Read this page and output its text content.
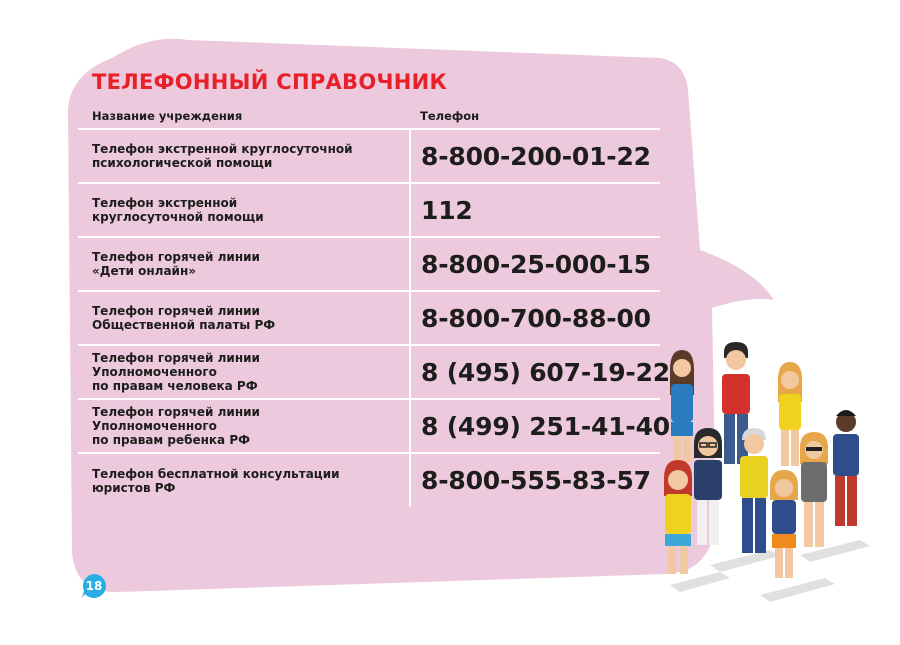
ТЕЛЕФОННЫЙ СПРАВОЧНИК
Название учреждения	Телефон

Телефон экстренной круглосуточной
психологической помощи	8-800-200-01-22

Телефон экстренной
круглосуточной помощи	112

Телефон горячей линии
«Дети онлайн»	8-800-25-000-15

Телефон горячей линии
Общественной палаты РФ	8-800-700-88-00

Телефон горячей линии
Уполномоченного
по правам человека РФ	8 (495) 607-19-22

Телефон горячей линии
Уполномоченного
по правам ребенка РФ	8 (499) 251-41-40

Телефон бесплатной консультации
юристов РФ	8-800-555-83-57
18
